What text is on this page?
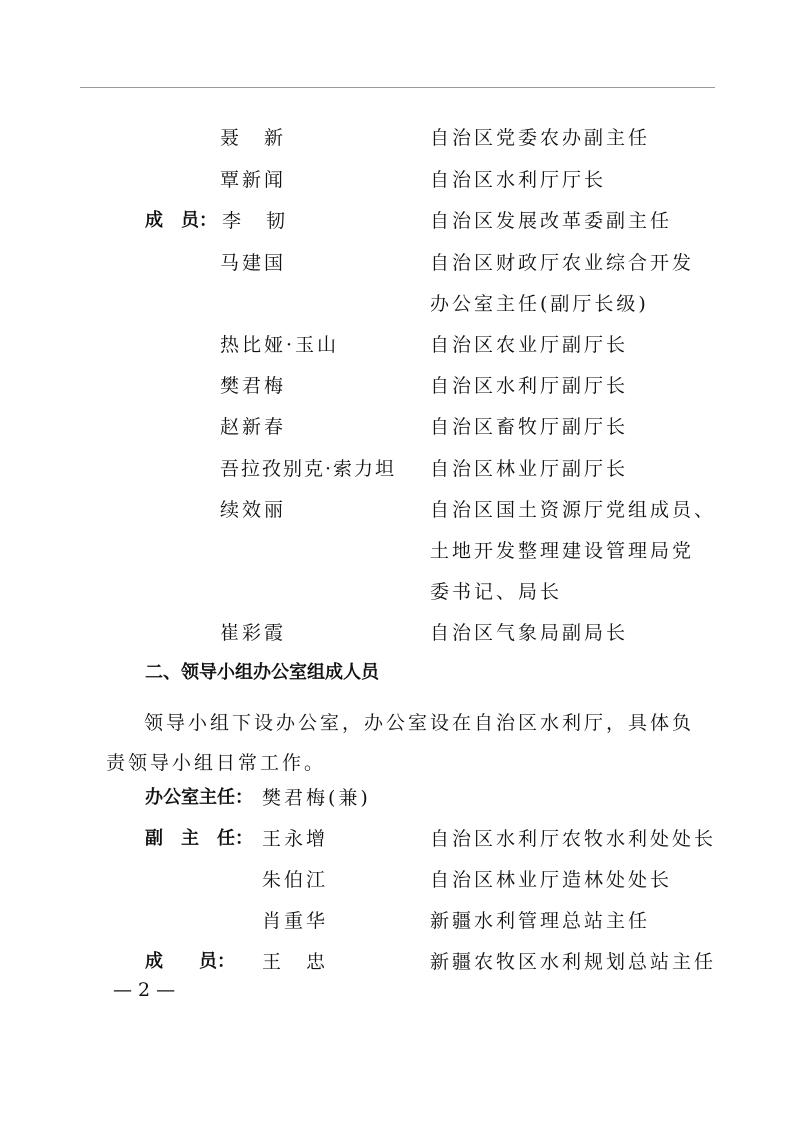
聂　新	自治区党委农办副主任
覃新闻	自治区水利厅厅长
成　员： 李　韧	自治区发展改革委副主任
马建国	自治区财政厅农业综合开发
办公室主任(副厅长级)
热比娅·玉山	自治区农业厅副厅长
樊君梅	自治区水利厅副厅长
赵新春	自治区畜牧厅副厅长
吾拉孜别克·索力坦 自治区林业厅副厅长
续效丽	自治区国土资源厅党组成员、
土地开发整理建设管理局党
委书记、局长
崔彩霞	自治区气象局副局长
二、领导小组办公室组成人员
领导小组下设办公室，办公室设在自治区水利厅，具体负责领导小组日常工作。
办公室主任： 樊君梅(兼)
副　主　任： 王永增	自治区水利厅农牧水利处处长
朱伯江	自治区林业厅造林处处长
肖重华	新疆水利管理总站主任
成　　员： 王　忠	新疆农牧区水利规划总站主任
— 2 —
